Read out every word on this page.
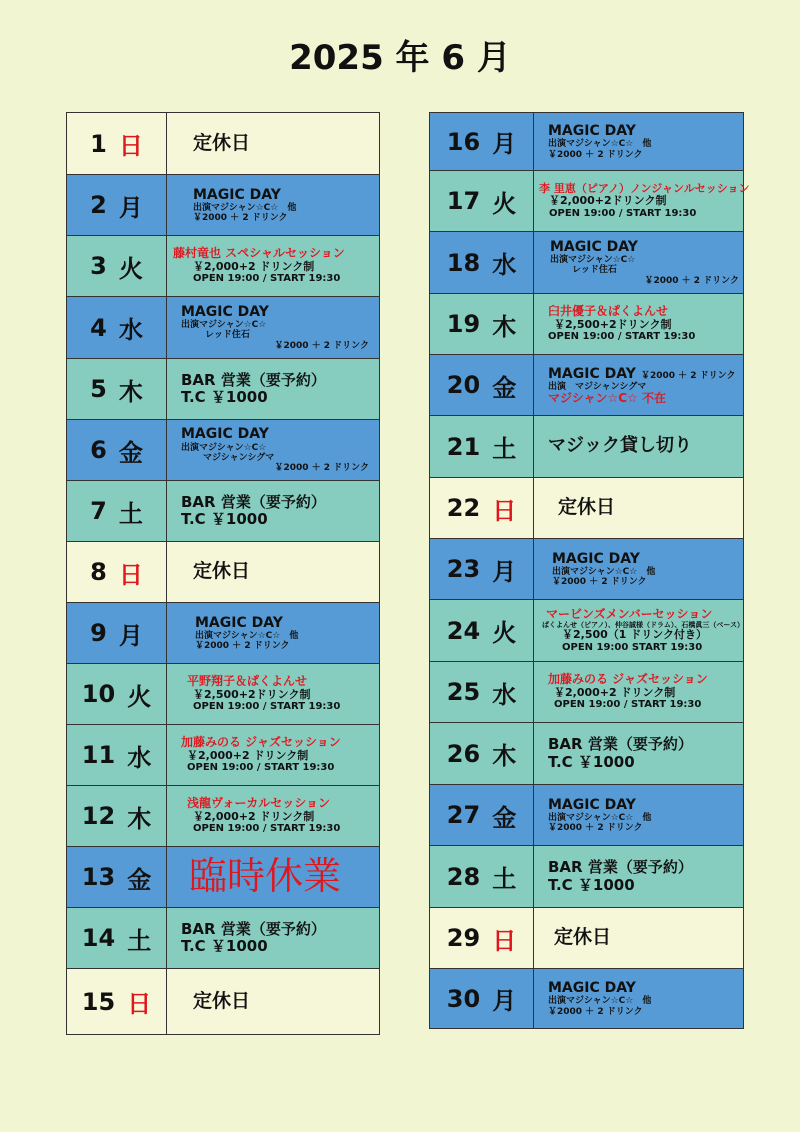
2025 年 6 月
1 日	定休日
2 月	MAGIC DAY
出演マジシャン☆C☆　他
￥2000 ＋ 2 ドリンク
3 火
藤村竜也 スペシャルセッション
￥2,000+2 ドリンク制
OPEN 19:00 / START 19:30
4 水
MAGIC DAY
出演マジシャン☆C☆
レッド住石
￥2000 ＋ 2 ドリンク
5 木	BAR 営業（要予約）
T.C ￥1000
6 金
MAGIC DAY
出演マジシャン☆C☆
マジシャンシグマ
￥2000 ＋ 2 ドリンク
7 土	BAR 営業（要予約）
T.C ￥1000
8 日	定休日
9 月	MAGIC DAY
出演マジシャン☆C☆　他
￥2000 ＋ 2 ドリンク
10 火
平野翔子＆ぱくよんせ
￥2,500+2ドリンク制
OPEN 19:00 / START 19:30
11 水
加藤みのる ジャズセッション
￥2,000+2 ドリンク制
OPEN 19:00 / START 19:30
12 木
浅龍ヴォーカルセッション
￥2,000+2 ドリンク制
OPEN 19:00 / START 19:30
13 金 臨時休業
14 土 BAR 営業（要予約）
T.C ￥1000
15 日	定休日
16 月 MAGIC DAY
出演マジシャン☆C☆　他
￥2000 ＋ 2 ドリンク
17 火
李 里恵（ピアノ）ノンジャンルセッション
￥2,000+2ドリンク制
OPEN 19:00 / START 19:30
18 水
MAGIC DAY
出演マジシャン☆C☆
レッド住石
￥2000 ＋ 2 ドリンク
19 木
臼井優子＆ぱくよんせ
￥2,500+2ドリンク制
OPEN 19:00 / START 19:30
20 金 MAGIC DAY ￥2000 ＋ 2 ドリンク
出演　マジシャンシグマ
マジシャン☆C☆ 不在
21 土 マジック貸し切り
22 日	定休日
23 月	MAGIC DAY
出演マジシャン☆C☆　他
￥2000 ＋ 2 ドリンク
24 火
マービンズメンバーセッション
ぱくよんせ（ピアノ）、仲谷誠様（ドラム）、石橋眞三（ベース）
￥2,500（1 ドリンク付き）
OPEN 19:00 START 19:30
25 水
加藤みのる ジャズセッション
￥2,000+2 ドリンク制
OPEN 19:00 / START 19:30
26 木 BAR 営業（要予約）
T.C ￥1000
27 金 MAGIC DAY
出演マジシャン☆C☆　他
￥2000 ＋ 2 ドリンク
28 土 BAR 営業（要予約）
T.C ￥1000
29 日	定休日
30 月 MAGIC DAY
出演マジシャン☆C☆　他
￥2000 ＋ 2 ドリンク
